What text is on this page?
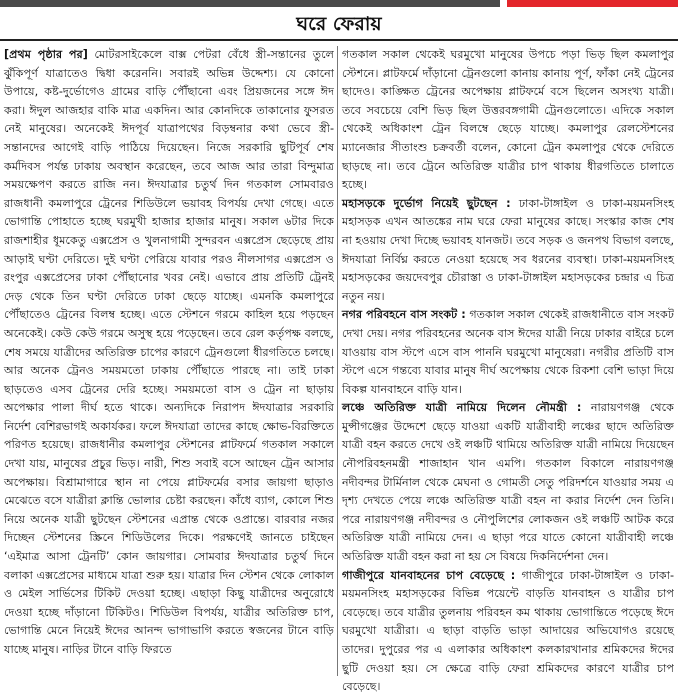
ঘরে ফেরায়

[প্রথম পৃষ্ঠার পর] মোটরসাইকেলে বাক্স পেটরা বেঁধে স্ত্রী-সন্তানের তুলে ঝুঁকিপূর্ণ যাত্রাতেও দ্বিধা করেননি। সবারই অভিন্ন উদ্দেশ্য। যে কোনো উপায়ে, কষ্ট-দুর্ভোগেও গ্রামের বাড়ি পৌঁছানো এবং প্রিয়জনের সঙ্গে ঈদ করা। ঈদুল আজহার বাকি মাত্র একদিন। আর কোনদিকে তাকানোর ফুসরত নেই মানুষের। অনেকেই ঈদপূর্ব যাত্রাপথের বিড়ম্বনার কথা ভেবে স্ত্রী-সন্তানদের আগেই বাড়ি পাঠিয়ে দিয়েছেন। নিজে সরকারি ছুটিপূর্ব শেষ কর্মদিবস পর্যন্ত ঢাকায় অবস্থান করেছেন, তবে আজ আর তারা বিন্দুমাত্র সময়ক্ষেপণ করতে রাজি নন। ঈদযাত্রার চতুর্থ দিন গতকাল সোমবারও রাজধানী কমলাপুরে ট্রেনের শিডিউলে ভয়াবহ বিপর্যয় দেখা গেছে। এতে ভোগান্তি পোহাতে হচ্ছে ঘরমুখী হাজার হাজার মানুষ। সকাল ৬টার দিকে রাজশাহীর ধূমকেতু এক্সপ্রেস ও খুলনাগামী সুন্দরবন এক্সপ্রেস ছেড়েছে প্রায় আড়াই ঘণ্টা দেরিতে। দুই ঘণ্টা পেরিয়ে যাবার পরও নীলসাগর এক্সপ্রেস ও রংপুর এক্সপ্রেসের ঢাকা পৌঁছানোর খবর নেই। এভাবে প্রায় প্রতিটি ট্রেনই দেড় থেকে তিন ঘণ্টা দেরিতে ঢাকা ছেড়ে যাচ্ছে। এমনকি কমলাপুরে পৌঁছাতেও ট্রেনের বিলম্ব হচ্ছে। এতে স্টেশনে গরমে কাহিল হয়ে পড়ছেন অনেকেই। কেউ কেউ গরমে অসুস্থ হয়ে পড়েছেন। তবে রেল কর্তৃপক্ষ বলছে, শেষ সময়ে যাত্রীদের অতিরিক্ত চাপের কারণে ট্রেনগুলো ধীরগতিতে চলছে। আর অনেক ট্রেনও সময়মতো ঢাকায় পৌঁছাতে পারছে না। তাই ঢাকা ছাড়তেও এসব ট্রেনের দেরি হচ্ছে। সময়মতো বাস ও ট্রেন না ছাড়ায় অপেক্ষার পালা দীর্ঘ হতে থাকে। অন্যদিকে নিরাপদ ঈদযাত্রার সরকারি নির্দেশ বেশিরভাগই অকার্যকর। ফলে ঈদযাত্রা তাদের কাছে ক্ষোভ-বিরক্তিতে পরিণত হয়েছে। রাজধানীর কমলাপুর স্টেশনের প্লাটফর্মে গতকাল সকালে দেখা যায়, মানুষের প্রচুর ভিড়। নারী, শিশু সবাই বসে আছেন ট্রেন আসার অপেক্ষায়। বিশ্রামাগারে স্থান না পেয়ে প্লাটফর্মের বসার জায়গা ছাড়াও মেঝেতে বসে যাত্রীরা ক্লান্তি ভোলার চেষ্টা করছেন। কাঁধে ব্যাগ, কোলে শিশু নিয়ে অনেক যাত্রী ছুটছেন স্টেশনের এপ্রান্ত থেকে ওপ্রান্তে। বারবার নজর দিচ্ছেন স্টেশনের স্ক্রিনে শিডিউলের দিকে। পরক্ষণেই জানতে চাইছেন ‘এইমাত্র আসা ট্রেনটি’ কোন জায়গার। সোমবার ঈদযাত্রার চতুর্থ দিনে বলাকা এক্সপ্রেসের মাধ্যমে যাত্রা শুরু হয়। যাত্রার দিন স্টেশন থেকে লোকাল ও মেইল সার্ভিসের টিকিট দেওয়া হচ্ছে। এছাড়া কিছু যাত্রীদের অনুরোধে দেওয়া হচ্ছে দাঁড়ানো টিকিটও। শিডিউল বিপর্যয়, যাত্রীর অতিরিক্ত চাপ, ভোগান্তি মেনে নিয়েই ঈদের আনন্দ ভাগাভাগি করতে স্বজনের টানে বাড়ি যাচ্ছে মানুষ। নাড়ির টানে বাড়ি ফিরতে

গতকাল সকাল থেকেই ঘরমুখো মানুষের উপচে পড়া ভিড় ছিল কমলাপুর স্টেশনে। প্লাটফর্মে দাঁড়ানো ট্রেনগুলো কানায় কানায় পূর্ণ, ফাঁকা নেই ট্রেনের ছাদেও। কাঙ্ক্ষিত ট্রেনের অপেক্ষায় প্লাটফর্মে বসে ছিলেন অসংখ্য যাত্রী। তবে সবচেয়ে বেশি ভিড় ছিল উত্তরবঙ্গগামী ট্রেনগুলোতে। এদিকে সকাল থেকেই অধিকাংশ ট্রেন বিলম্বে ছেড়ে যাচ্ছে। কমলাপুর রেলস্টেশনের ম্যানেজার সীতাংশু চক্রবর্তী বলেন, কোনো ট্রেন কমলাপুর থেকে দেরিতে ছাড়ছে না। তবে ট্রেনে অতিরিক্ত যাত্রীর চাপ থাকায় ধীরগতিতে চালাতে হচ্ছে।

মহাসড়কে দুর্ভোগ নিয়েই ছুটছেন : ঢাকা-টাঙ্গাইল ও ঢাকা-ময়মনসিংহ মহাসড়ক এখন আতঙ্কের নাম ঘরে ফেরা মানুষের কাছে। সংস্কার কাজ শেষ না হওয়ায় দেখা দিচ্ছে ভয়াবহ যানজট। তবে সড়ক ও জনপথ বিভাগ বলছে, ঈদযাত্রা নির্বিঘ্ন করতে নেওয়া হয়েছে সব ধরনের ব্যবস্থা। ঢাকা-ময়মনসিংহ মহাসড়কের জয়দেবপুর চৌরাস্তা ও ঢাকা-টাঙ্গাইল মহাসড়কের চন্দ্রার এ চিত্র নতুন নয়।

নগর পরিবহনে বাস সংকট : গতকাল সকাল থেকেই রাজধানীতে বাস সংকট দেখা দেয়। নগর পরিবহনের অনেক বাস ঈদের যাত্রী নিয়ে ঢাকার বাইরে চলে যাওয়ায় বাস স্টপে এসে বাস পাননি ঘরমুখো মানুষেরা। নগরীর প্রতিটি বাস স্টপে এসে গন্তব্যে যাবার মানুষ দীর্ঘ অপেক্ষায় থেকে রিকশা বেশি ভাড়া দিয়ে বিকল্প যানবাহনে বাড়ি যান।

লঞ্চে অতিরিক্ত যাত্রী নামিয়ে দিলেন নৌমন্ত্রী : নারায়ণগঞ্জ থেকে মুন্সীগঞ্জের উদ্দেশে ছেড়ে যাওয়া একটি যাত্রীবাহী লঞ্চের ছাদে অতিরিক্ত যাত্রী বহন করতে দেখে ওই লঞ্চটি থামিয়ে অতিরিক্ত যাত্রী নামিয়ে দিয়েছেন নৌপরিবহনমন্ত্রী শাজাহান খান এমপি। গতকাল বিকালে নারায়ণগঞ্জ নদীবন্দর টার্মিনাল থেকে মেঘনা ও গোমতী সেতু পরিদর্শনে যাওয়ার সময় এ দৃশ্য দেখতে পেয়ে লঞ্চে অতিরিক্ত যাত্রী বহন না করার নির্দেশ দেন তিনি। পরে নারায়ণগঞ্জ নদীবন্দর ও নৌপুলিশের লোকজন ওই লঞ্চটি আটক করে অতিরিক্ত যাত্রী নামিয়ে দেন। এ ছাড়া পরে যাতে কোনো যাত্রীবাহী লঞ্চে অতিরিক্ত যাত্রী বহন করা না হয় সে বিষয়ে দিকনির্দেশনা দেন।

গাজীপুরে যানবাহনের চাপ বেড়েছে : গাজীপুরে ঢাকা-টাঙ্গাইল ও ঢাকা-ময়মনসিংহ মহাসড়কের বিভিন্ন পয়েন্টে বাড়তি যানবাহন ও যাত্রীর চাপ বেড়েছে। তবে যাত্রীর তুলনায় পরিবহন কম থাকায় ভোগান্তিতে পড়েছে ঈদে ঘরমুখো যাত্রীরা। এ ছাড়া বাড়তি ভাড়া আদায়ের অভিযোগও রয়েছে তাদের। দুপুরের পর এ এলাকার অধিকাংশ কলকারখানার শ্রমিকদের ঈদের ছুটি দেওয়া হয়। সে ক্ষেত্রে বাড়ি ফেরা শ্রমিকদের কারণে যাত্রীর চাপ বেড়েছে।
